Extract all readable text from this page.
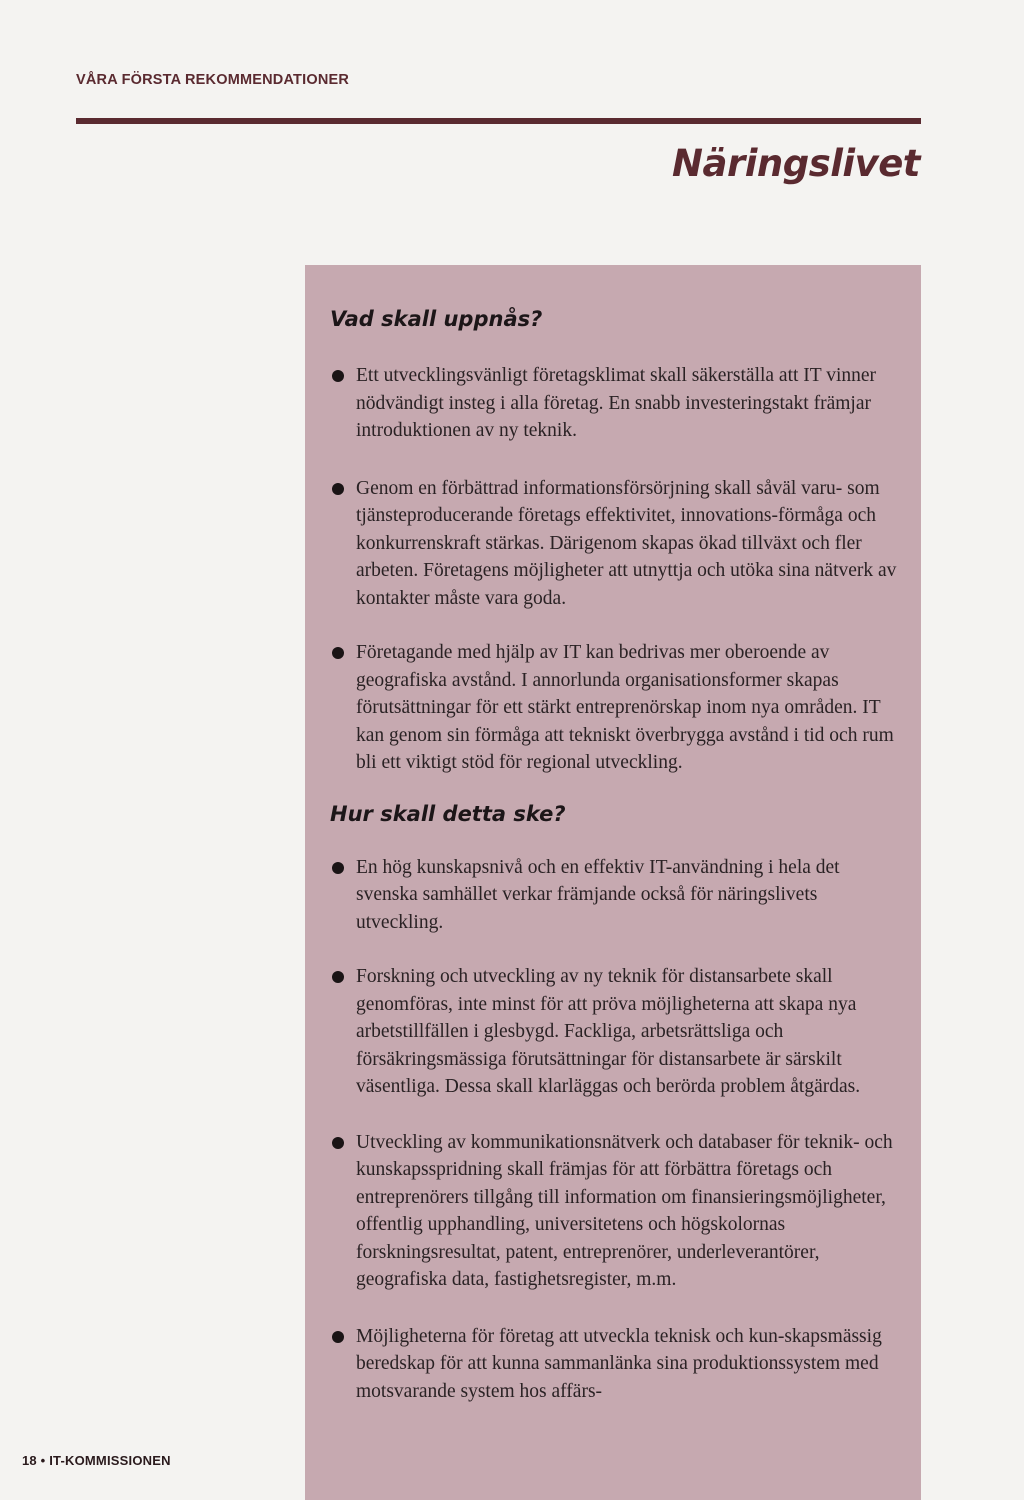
VÅRA FÖRSTA REKOMMENDATIONER
Näringslivet
Vad skall uppnås?
Ett utvecklingsvänligt företagsklimat skall säkerställa att IT vinner nödvändigt insteg i alla företag. En snabb investeringstakt främjar introduktionen av ny teknik.
Genom en förbättrad informationsförsörjning skall såväl varu- som tjänsteproducerande företags effektivitet, innovations-förmåga och konkurrenskraft stärkas. Därigenom skapas ökad tillväxt och fler arbeten. Företagens möjligheter att utnyttja och utöka sina nätverk av kontakter måste vara goda.
Företagande med hjälp av IT kan bedrivas mer oberoende av geografiska avstånd. I annorlunda organisationsformer skapas förutsättningar för ett stärkt entreprenörskap inom nya områden. IT kan genom sin förmåga att tekniskt överbrygga avstånd i tid och rum bli ett viktigt stöd för regional utveckling.
Hur skall detta ske?
En hög kunskapsnivå och en effektiv IT-användning i hela det svenska samhället verkar främjande också för näringslivets utveckling.
Forskning och utveckling av ny teknik för distansarbete skall genomföras, inte minst för att pröva möjligheterna att skapa nya arbetstillfällen i glesbygd. Fackliga, arbetsrättsliga och försäkringsmässiga förutsättningar för distansarbete är särskilt väsentliga. Dessa skall klarläggas och berörda problem åtgärdas.
Utveckling av kommunikationsnätverk och databaser för teknik- och kunskapsspridning skall främjas för att förbättra företags och entreprenörers tillgång till information om finansieringsmöjligheter, offentlig upphandling, universitetens och högskolornas forskningsresultat, patent, entreprenörer, underleverantörer, geografiska data, fastighetsregister, m.m.
Möjligheterna för företag att utveckla teknisk och kun-skapsmässig beredskap för att kunna sammanlänka sina produktionssystem med motsvarande system hos affärs-
18 • IT-KOMMISSIONEN
